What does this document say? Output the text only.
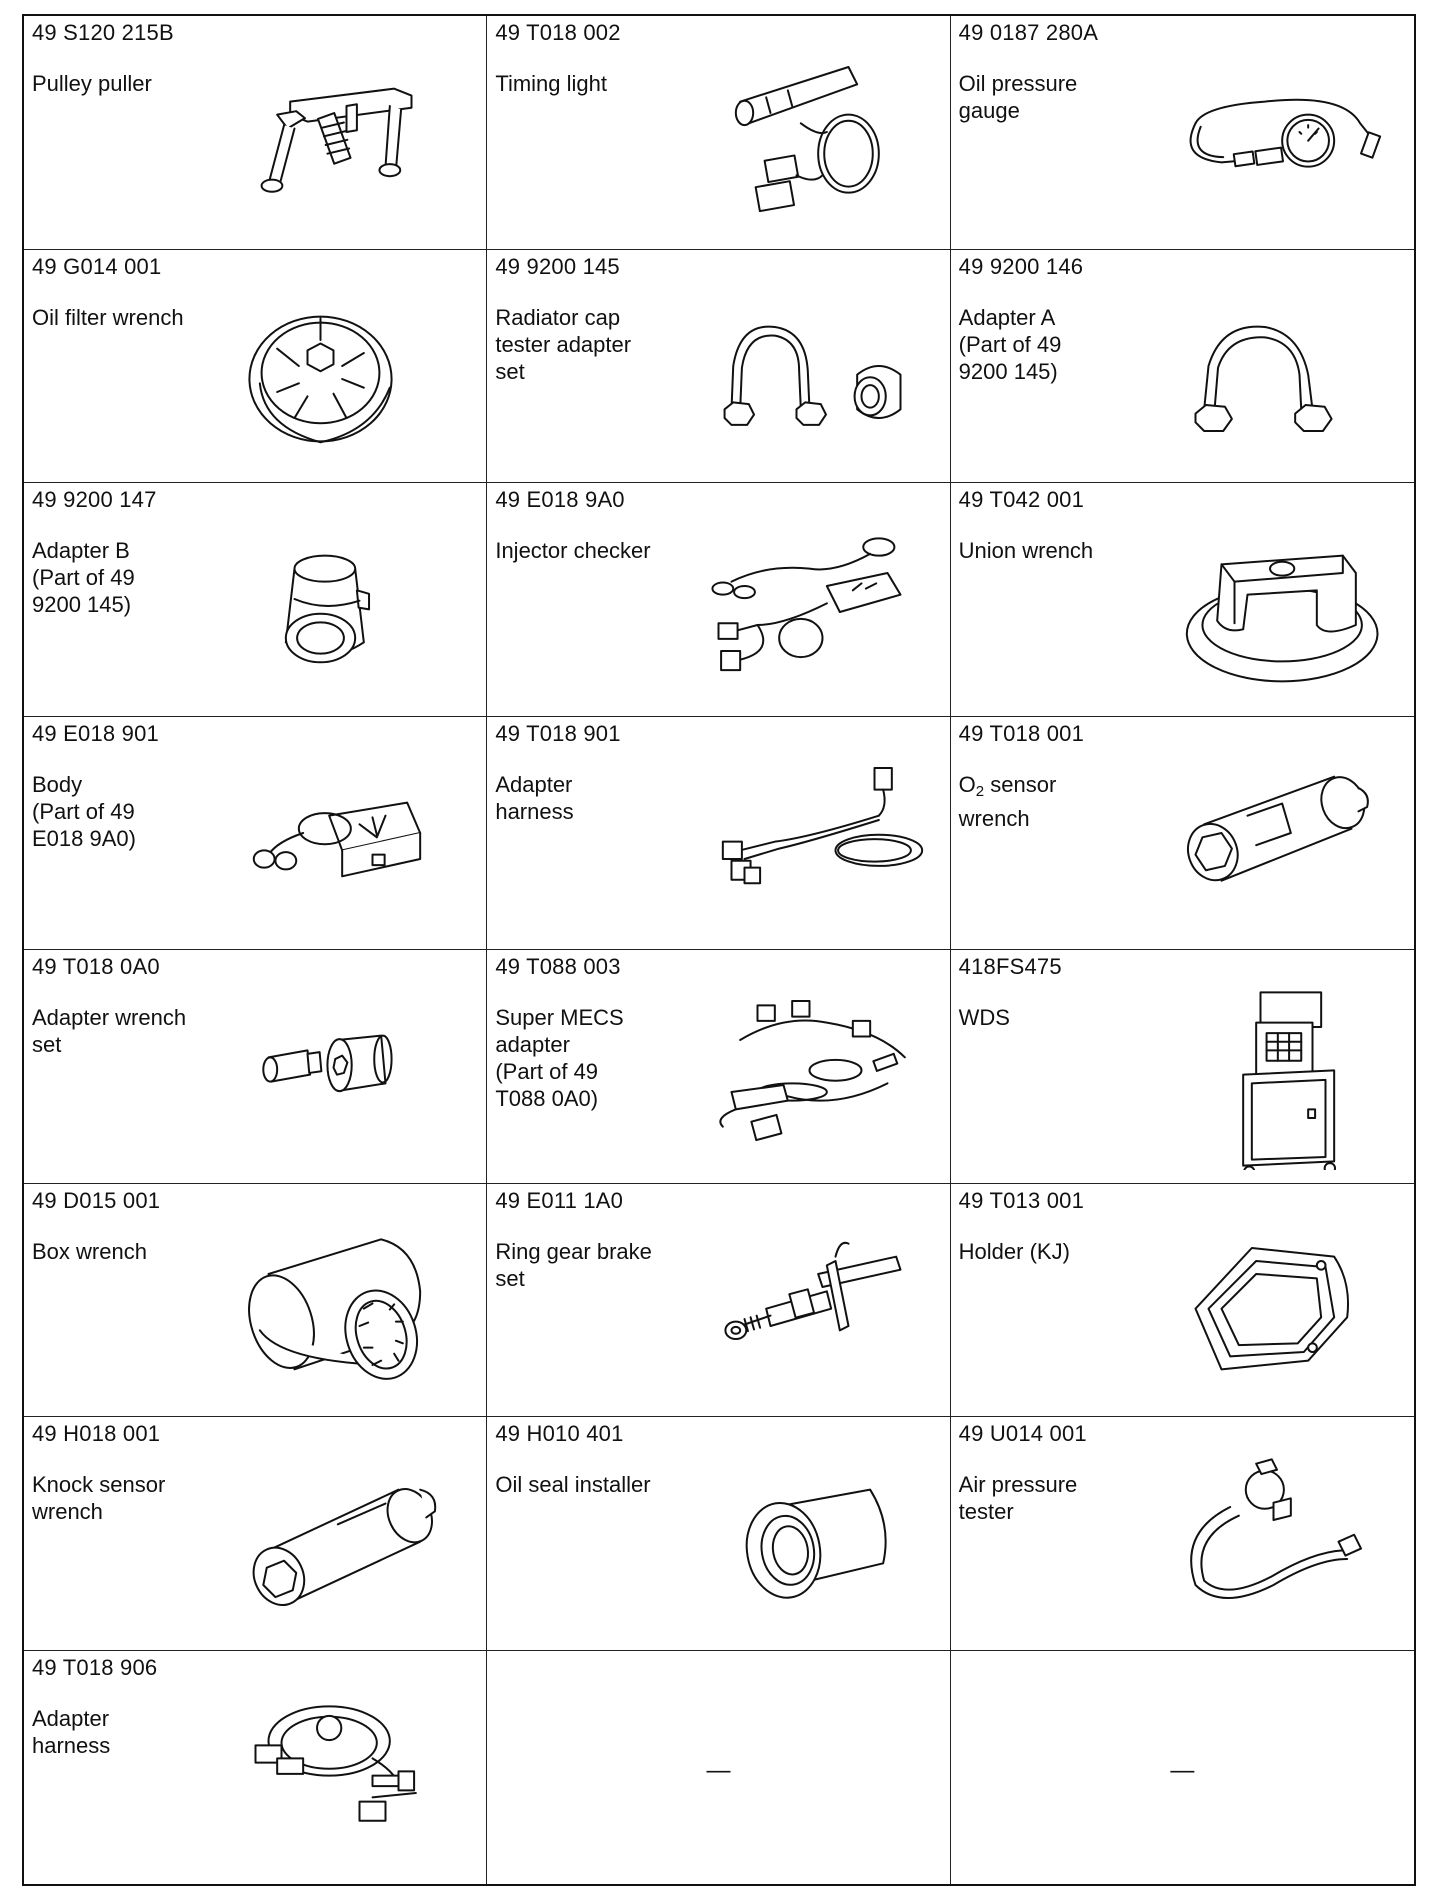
49 S120 215B
Pulley puller
49 T018 002
Timing light
49 0187 280A
Oil pressure
gauge
49 G014 001
Oil filter wrench
49 9200 145
Radiator cap
tester adapter
set
49 9200 146
Adapter A
(Part of 49
9200 145)
49 9200 147
Adapter B
(Part of 49
9200 145)
49 E018 9A0
Injector checker
49 T042 001
Union wrench
49 E018 901
Body
(Part of 49
E018 9A0)
49 T018 901
Adapter
harness
49 T018 001
$O_2$ sensor
wrench
49 T018 0A0
Adapter wrench
set
49 T088 003
Super MECS
adapter
(Part of 49
T088 0A0)
418FS475
WDS
49 D015 001
Box wrench
49 E011 1A0
Ring gear brake
set
49 T013 001
Holder (KJ)
49 H018 001
Knock sensor
wrench
49 H010 401
Oil seal installer
49 U014 001
Air pressure
tester
49 T018 906
Adapter
harness
—	—
